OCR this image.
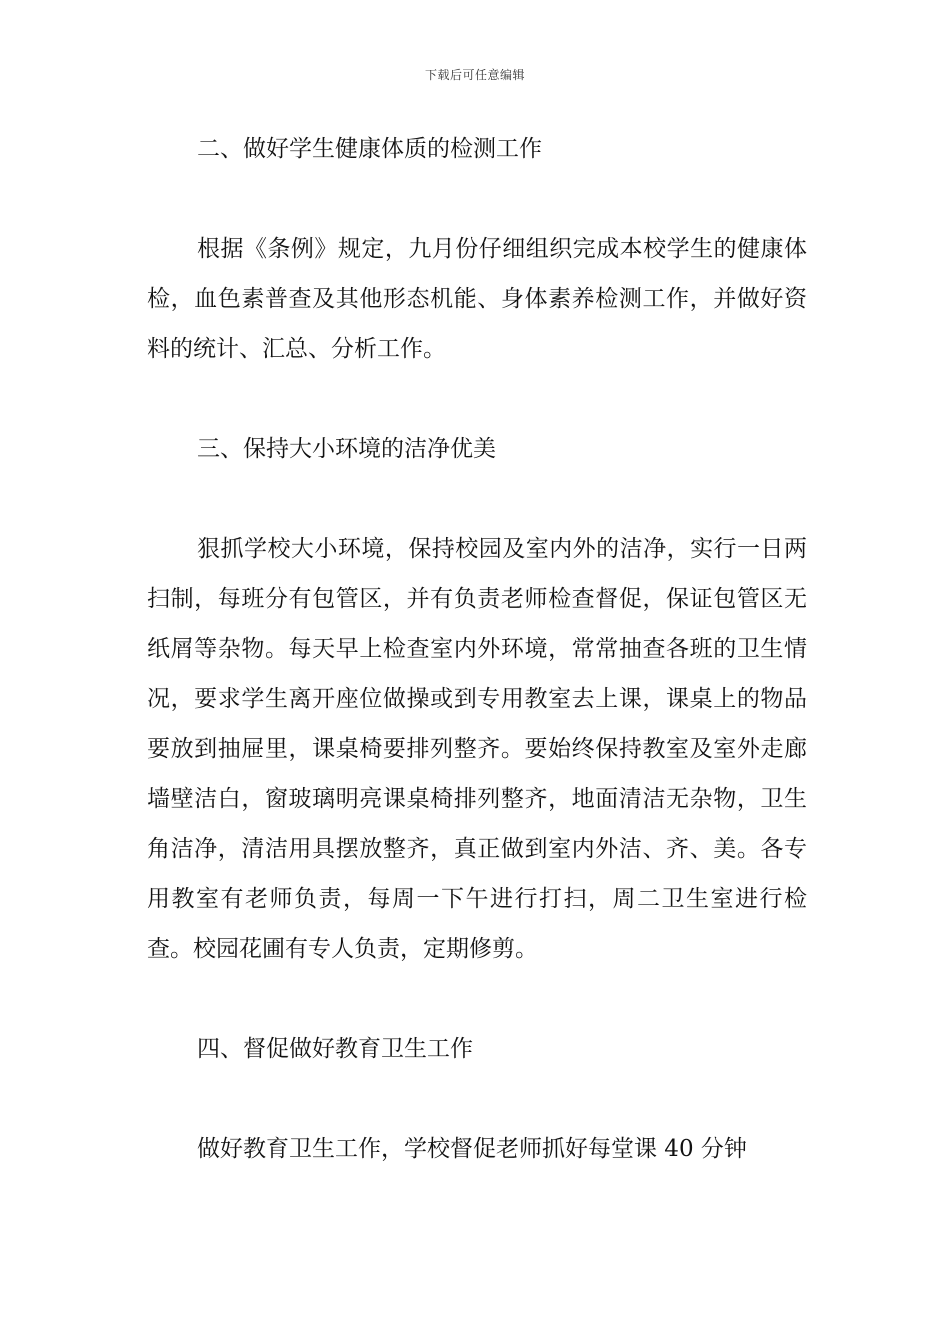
下载后可任意编辑
二、做好学生健康体质的检测工作

根据《条例》规定，九月份仔细组织完成本校学生的健康体检，血色素普查及其他形态机能、身体素养检测工作，并做好资料的统计、汇总、分析工作。

三、保持大小环境的洁净优美

狠抓学校大小环境，保持校园及室内外的洁净，实行一日两扫制，每班分有包管区，并有负责老师检查督促，保证包管区无纸屑等杂物。每天早上检查室内外环境，常常抽查各班的卫生情况，要求学生离开座位做操或到专用教室去上课，课桌上的物品要放到抽屉里，课桌椅要排列整齐。要始终保持教室及室外走廊墙壁洁白，窗玻璃明亮课桌椅排列整齐，地面清洁无杂物，卫生角洁净，清洁用具摆放整齐，真正做到室内外洁、齐、美。各专用教室有老师负责，每周一下午进行打扫，周二卫生室进行检查。校园花圃有专人负责，定期修剪。

四、督促做好教育卫生工作

做好教育卫生工作，学校督促老师抓好每堂课 40 分钟
